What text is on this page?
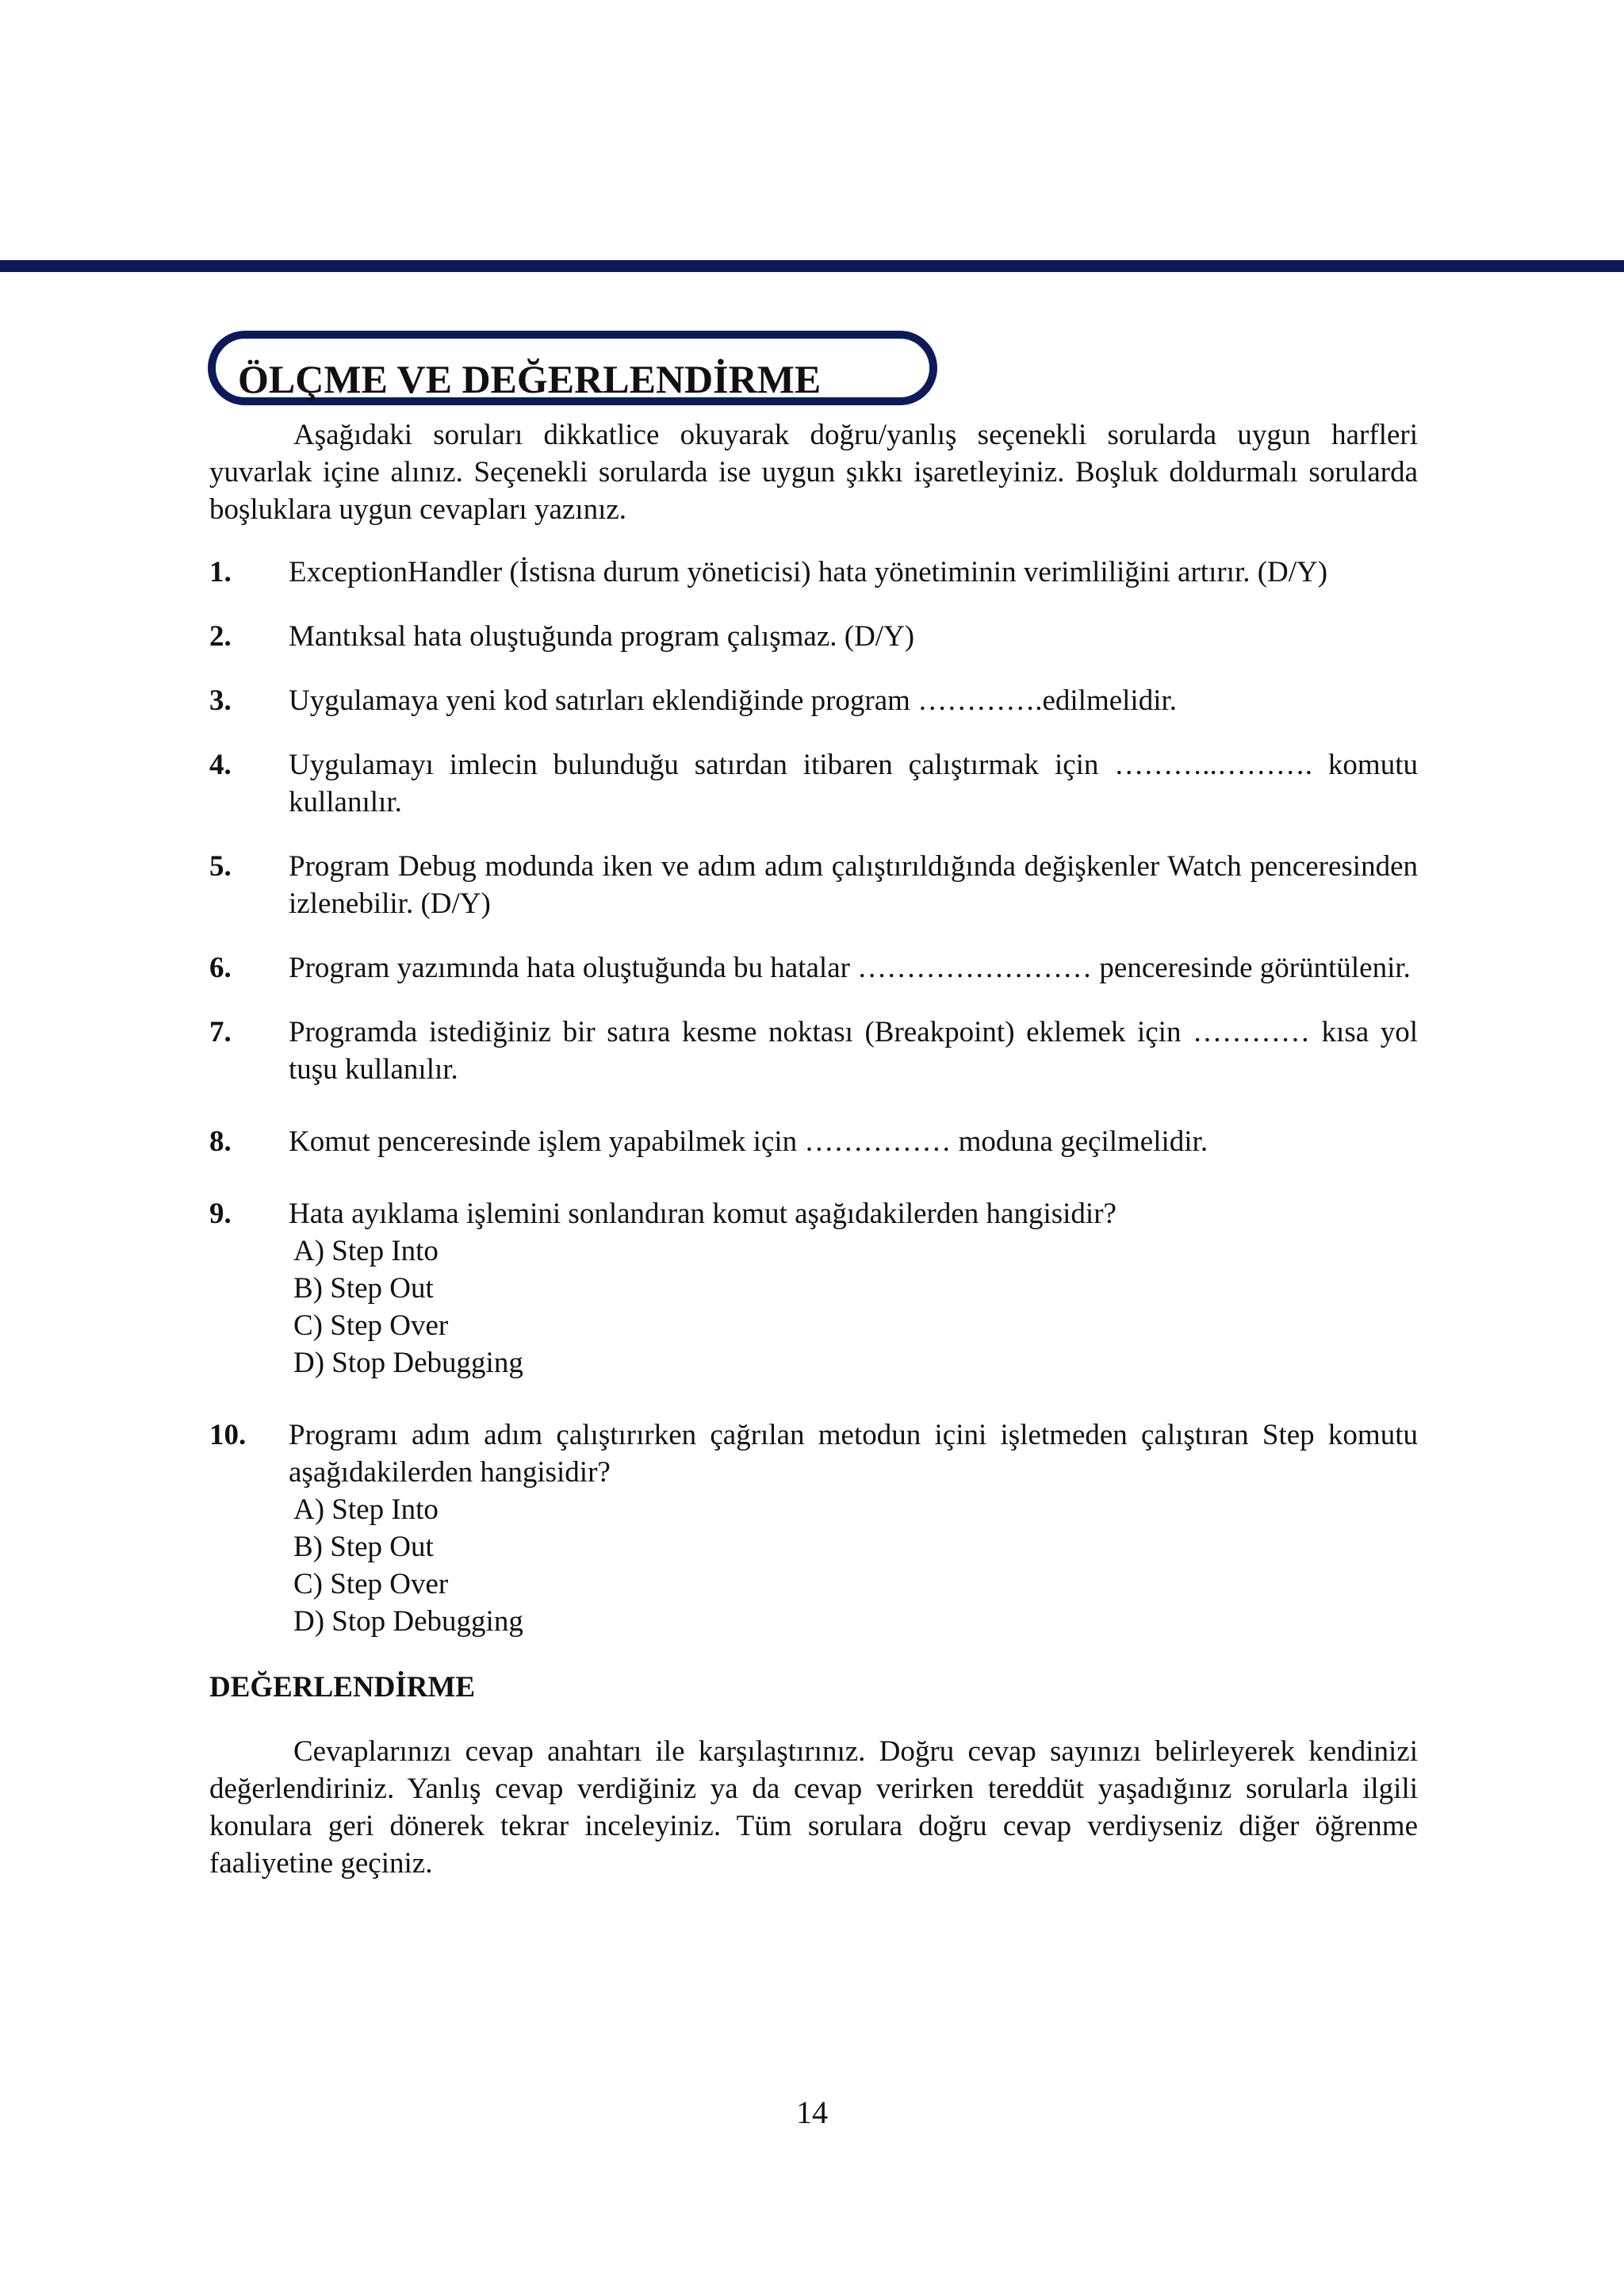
ÖLÇME VE DEĞERLENDİRME

Aşağıdaki soruları dikkatlice okuyarak doğru/yanlış seçenekli sorularda uygun harfleri yuvarlak içine alınız. Seçenekli sorularda ise uygun şıkkı işaretleyiniz. Boşluk doldurmalı sorularda boşluklara uygun cevapları yazınız.

1. ExceptionHandler (İstisna durum yöneticisi) hata yönetiminin verimliliğini artırır. (D/Y)
2. Mantıksal hata oluştuğunda program çalışmaz. (D/Y)
3. Uygulamaya yeni kod satırları eklendiğinde program ………….edilmelidir.
4. Uygulamayı imlecin bulunduğu satırdan itibaren çalıştırmak için ………..………. komutu kullanılır.
5. Program Debug modunda iken ve adım adım çalıştırıldığında değişkenler Watch penceresinden izlenebilir. (D/Y)
6. Program yazımında hata oluştuğunda bu hatalar …………………… penceresinde görüntülenir.
7. Programda istediğiniz bir satıra kesme noktası (Breakpoint) eklemek için ………… kısa yol tuşu kullanılır.
8. Komut penceresinde işlem yapabilmek için …………… moduna geçilmelidir.
9. Hata ayıklama işlemini sonlandıran komut aşağıdakilerden hangisidir?
A) Step Into
B) Step Out
C) Step Over
D) Stop Debugging
10. Programı adım adım çalıştırırken çağrılan metodun içini işletmeden çalıştıran Step komutu aşağıdakilerden hangisidir?
A) Step Into
B) Step Out
C) Step Over
D) Stop Debugging
DEĞERLENDİRME

Cevaplarınızı cevap anahtarı ile karşılaştırınız. Doğru cevap sayınızı belirleyerek kendinizi değerlendiriniz. Yanlış cevap verdiğiniz ya da cevap verirken tereddüt yaşadığınız sorularla ilgili konulara geri dönerek tekrar inceleyiniz. Tüm sorulara doğru cevap verdiyseniz diğer öğrenme faaliyetine geçiniz.

14
